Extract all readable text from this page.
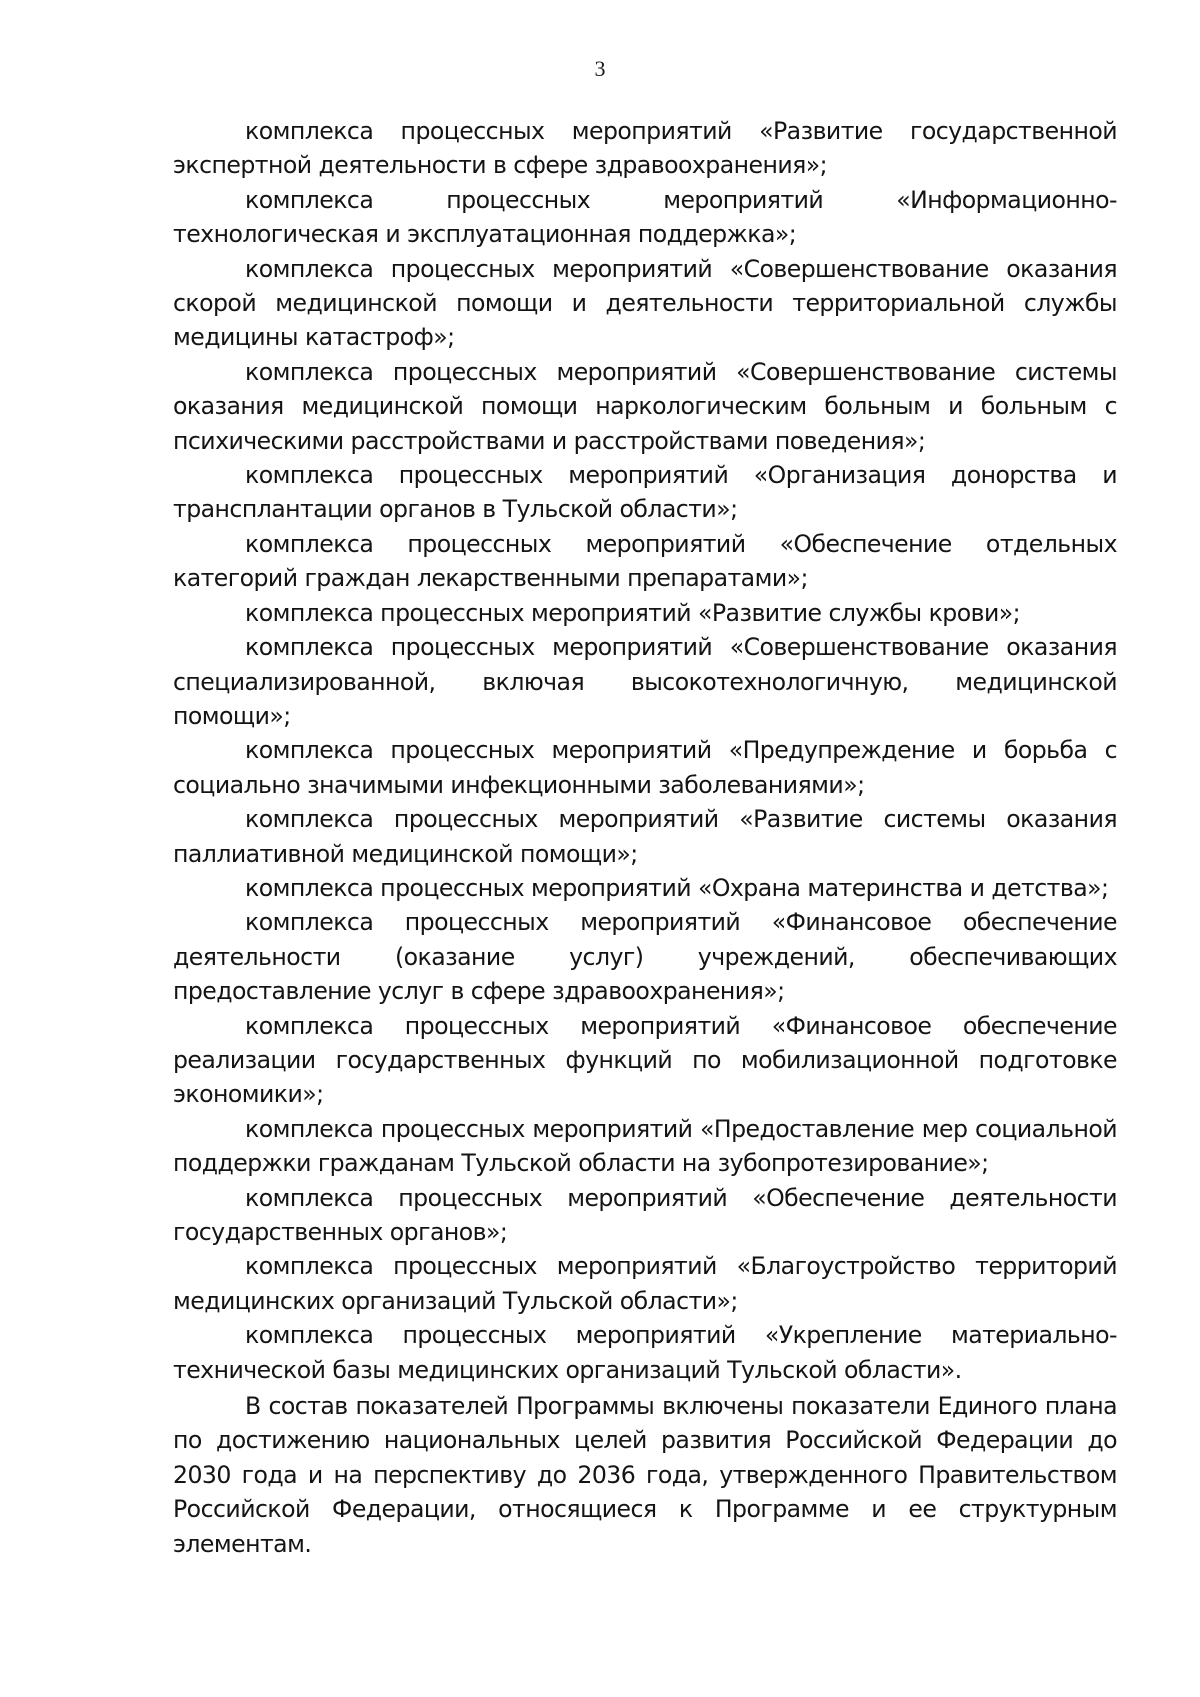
3

комплекса процессных мероприятий «Развитие государственной экспертной деятельности в сфере здравоохранения»;

комплекса процессных мероприятий «Информационно-технологическая и эксплуатационная поддержка»;

комплекса процессных мероприятий «Совершенствование оказания скорой медицинской помощи и деятельности территориальной службы медицины катастроф»;

комплекса процессных мероприятий «Совершенствование системы оказания медицинской помощи наркологическим больным и больным с психическими расстройствами и расстройствами поведения»;

комплекса процессных мероприятий «Организация донорства и трансплантации органов в Тульской области»;

комплекса процессных мероприятий «Обеспечение отдельных категорий граждан лекарственными препаратами»;

комплекса процессных мероприятий «Развитие службы крови»;

комплекса процессных мероприятий «Совершенствование оказания специализированной, включая высокотехнологичную, медицинской помощи»;

комплекса процессных мероприятий «Предупреждение и борьба с социально значимыми инфекционными заболеваниями»;

комплекса процессных мероприятий «Развитие системы оказания паллиативной медицинской помощи»;

комплекса процессных мероприятий «Охрана материнства и детства»;

комплекса процессных мероприятий «Финансовое обеспечение деятельности (оказание услуг) учреждений, обеспечивающих предоставление услуг в сфере здравоохранения»;

комплекса процессных мероприятий «Финансовое обеспечение реализации государственных функций по мобилизационной подготовке экономики»;

комплекса процессных мероприятий «Предоставление мер социальной поддержки гражданам Тульской области на зубопротезирование»;

комплекса процессных мероприятий «Обеспечение деятельности государственных органов»;

комплекса процессных мероприятий «Благоустройство территорий медицинских организаций Тульской области»;

комплекса процессных мероприятий «Укрепление материально-технической базы медицинских организаций Тульской области».

В состав показателей Программы включены показатели Единого плана по достижению национальных целей развития Российской Федерации до 2030 года и на перспективу до 2036 года, утвержденного Правительством Российской Федерации, относящиеся к Программе и ее структурным элементам.
